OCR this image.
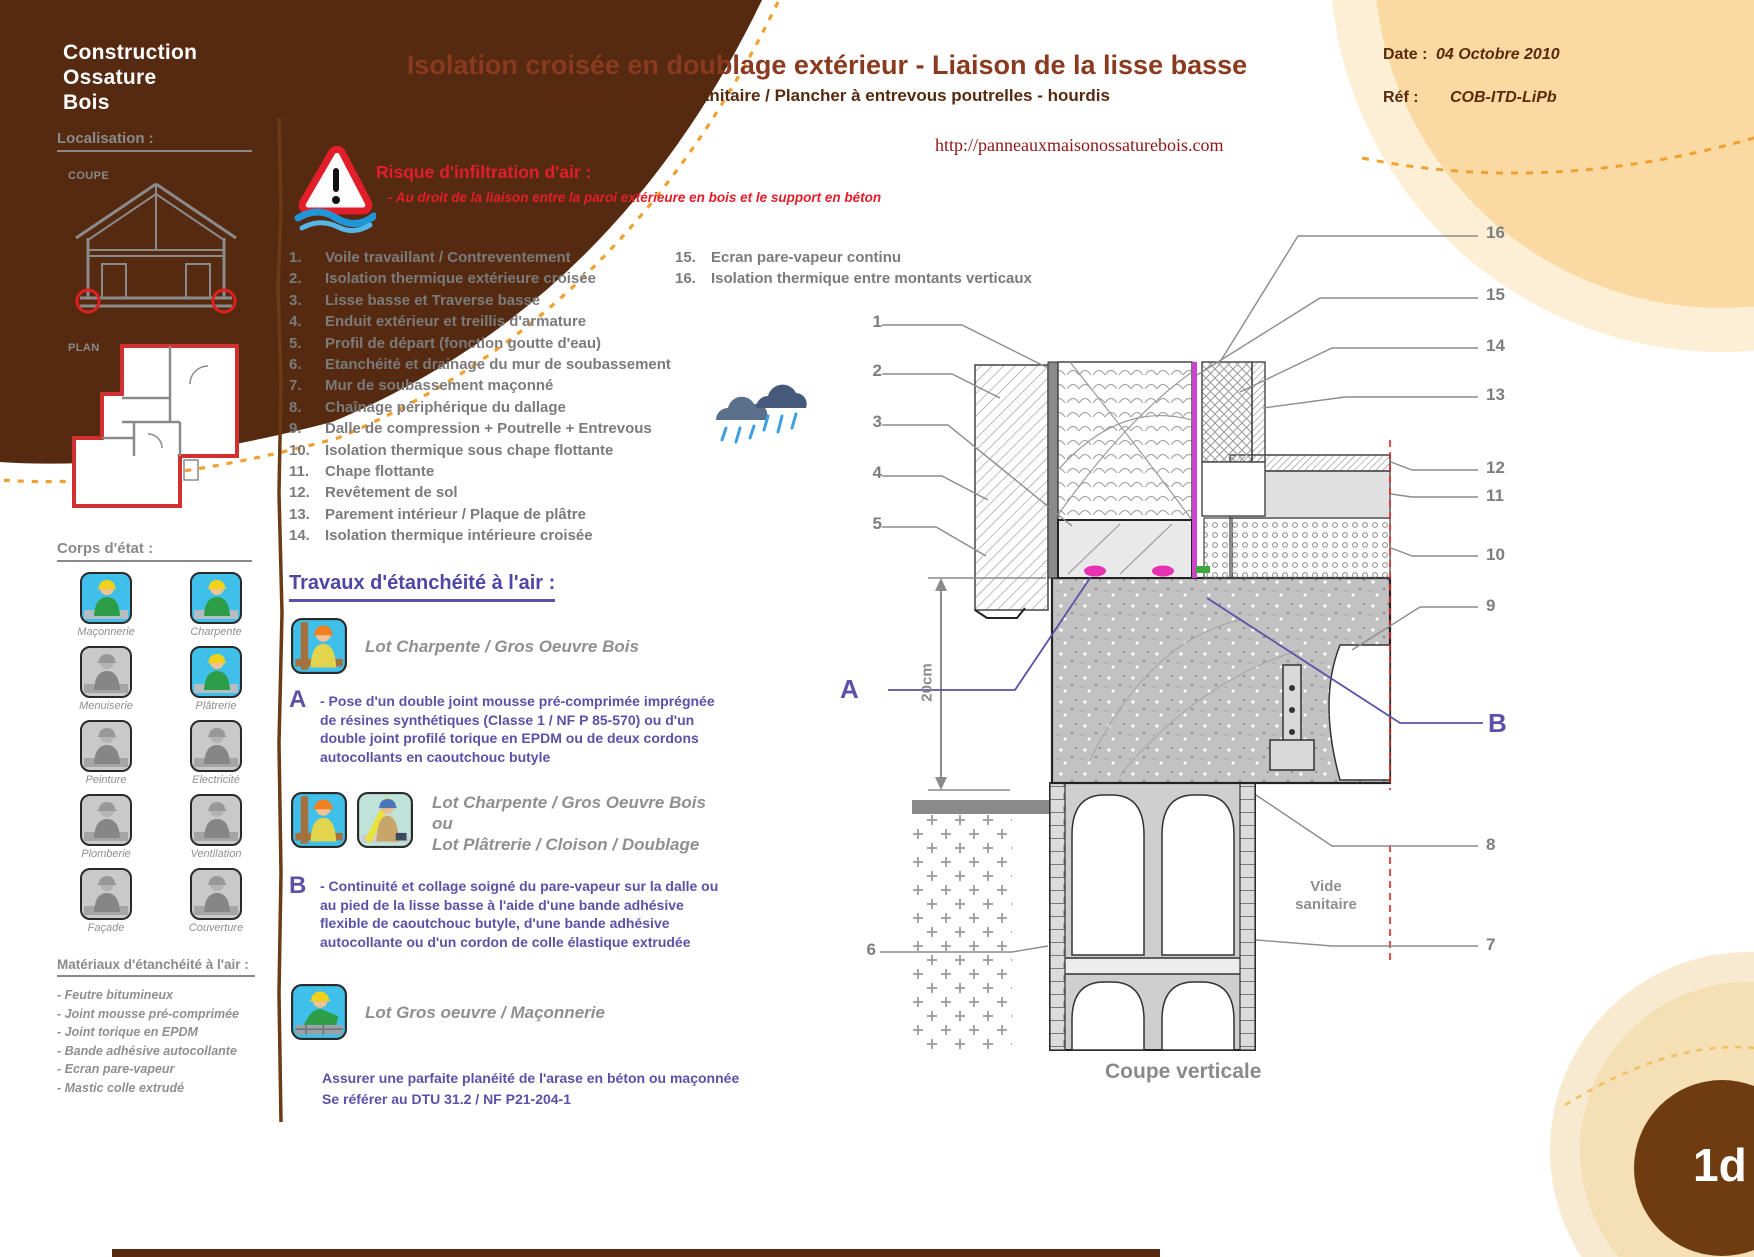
Construction
Ossature
Bois
Isolation croisée en doublage extérieur - Liaison de la lisse basse
Plancher sur vide sanitaire / Plancher à entrevous poutrelles - hourdis
http://panneauxmaisonossaturebois.com
Date : 04 Octobre 2010
Réf : COB-ITD-LiPb
Localisation :
COUPE
PLAN
Corps d'état :
Maçonnerie	Charpente
Menuiserie	Plâtrerie
Peinture	Electricité
Plomberie	Ventilation
Façade	Couverture
Matériaux d'étanchéité à l'air :
- Feutre bitumineux
- Joint mousse pré-comprimée
- Joint torique en EPDM
- Bande adhésive autocollante
- Ecran pare-vapeur
- Mastic colle extrudé
Risque d'infiltration d'air :
- Au droit de la liaison entre la paroi extérieure en bois et le support en béton
1.	Voile travaillant / Contreventement
2.	Isolation thermique extérieure croisée
3.	Lisse basse et Traverse basse
4.	Enduit extérieur et treillis d'armature
5.	Profil de départ (fonction goutte d'eau)
6.	Etanchéité et drainage du mur de soubassement
7.	Mur de soubassement maçonné
8.	Chaînage périphérique du dallage
9.	Dalle de compression + Poutrelle + Entrevous
10.	Isolation thermique sous chape flottante
11.	Chape flottante
12.	Revêtement de sol
13.	Parement intérieur / Plaque de plâtre
14.	Isolation thermique intérieure croisée
15.	Ecran pare-vapeur continu
16.	Isolation thermique entre montants verticaux
Travaux d'étanchéité à l'air :
Lot Charpente / Gros Oeuvre Bois
A - Pose d'un double joint mousse pré-comprimée imprégnée de résines synthétiques (Classe 1 / NF P 85-570) ou d'un double joint profilé torique en EPDM ou de deux cordons autocollants en caoutchouc butyle
Lot Charpente / Gros Oeuvre Bois
ou
Lot Plâtrerie / Cloison / Doublage
B - Continuité et collage soigné du pare-vapeur sur la dalle ou au pied de la lisse basse à l'aide d'une bande adhésive flexible de caoutchouc butyle, d'une bande adhésive autocollante ou d'un cordon de colle élastique extrudée
Lot Gros oeuvre / Maçonnerie
Assurer une parfaite planéité de l'arase en béton ou maçonnée
Se référer au DTU 31.2 / NF P21-204-1
1
2
3
4
5
6
16
15
14
13
12
11
10
9
8
7
20cm
A
B
Vide sanitaire
Coupe verticale
1d
